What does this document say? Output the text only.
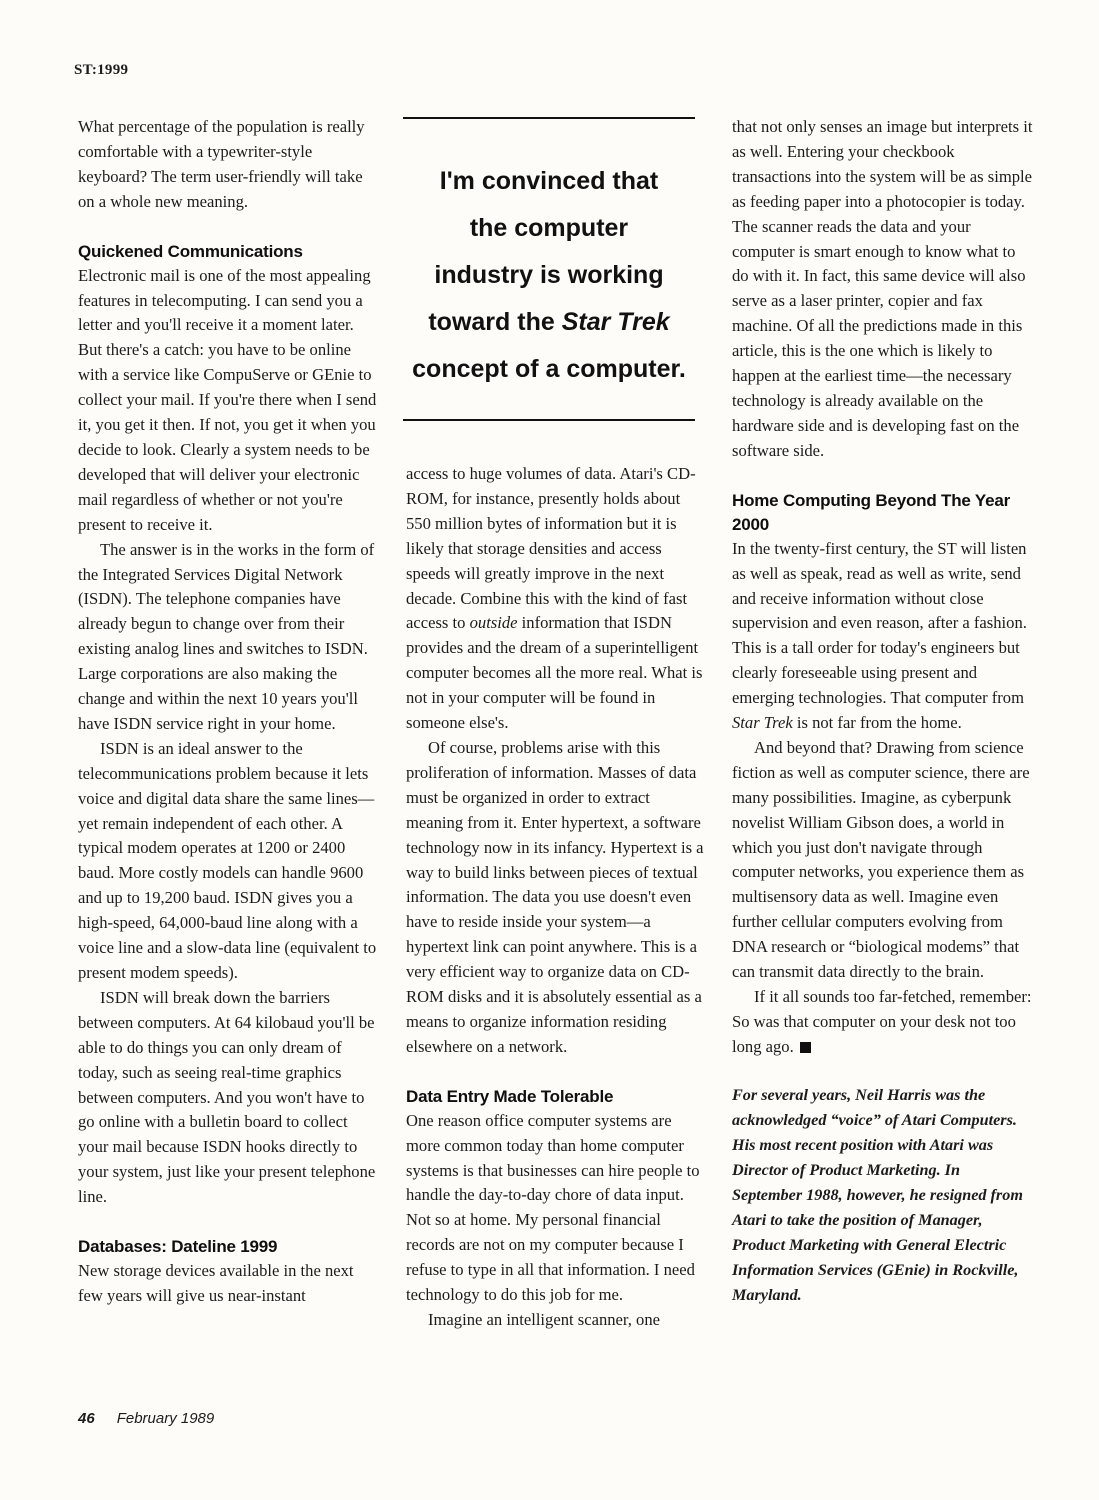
ST:1999

What percentage of the population is really comfortable with a typewriter-style keyboard? The term user-friendly will take on a whole new meaning.

Quickened Communications

Electronic mail is one of the most appealing features in telecomputing. I can send you a letter and you'll receive it a moment later. But there's a catch: you have to be online with a service like CompuServe or GEnie to collect your mail. If you're there when I send it, you get it then. If not, you get it when you decide to look. Clearly a system needs to be developed that will deliver your electronic mail regardless of whether or not you're present to receive it.

The answer is in the works in the form of the Integrated Services Digital Network (ISDN). The telephone companies have already begun to change over from their existing analog lines and switches to ISDN. Large corporations are also making the change and within the next 10 years you'll have ISDN service right in your home.

ISDN is an ideal answer to the telecommunications problem because it lets voice and digital data share the same lines—yet remain independent of each other. A typical modem operates at 1200 or 2400 baud. More costly models can handle 9600 and up to 19,200 baud. ISDN gives you a high-speed, 64,000-baud line along with a voice line and a slow-data line (equivalent to present modem speeds).

ISDN will break down the barriers between computers. At 64 kilobaud you'll be able to do things you can only dream of today, such as seeing real-time graphics between computers. And you won't have to go online with a bulletin board to collect your mail because ISDN hooks directly to your system, just like your present telephone line.

Databases: Dateline 1999

New storage devices available in the next few years will give us near-instant

I'm convinced that
the computer
industry is working
toward the Star Trek
concept of a computer.

access to huge volumes of data. Atari's CD-ROM, for instance, presently holds about 550 million bytes of information but it is likely that storage densities and access speeds will greatly improve in the next decade. Combine this with the kind of fast access to outside information that ISDN provides and the dream of a superintelligent computer becomes all the more real. What is not in your computer will be found in someone else's.

Of course, problems arise with this proliferation of information. Masses of data must be organized in order to extract meaning from it. Enter hypertext, a software technology now in its infancy. Hypertext is a way to build links between pieces of textual information. The data you use doesn't even have to reside inside your system—a hypertext link can point anywhere. This is a very efficient way to organize data on CD-ROM disks and it is absolutely essential as a means to organize information residing elsewhere on a network.

Data Entry Made Tolerable

One reason office computer systems are more common today than home computer systems is that businesses can hire people to handle the day-to-day chore of data input. Not so at home. My personal financial records are not on my computer because I refuse to type in all that information. I need technology to do this job for me.

Imagine an intelligent scanner, one

that not only senses an image but interprets it as well. Entering your checkbook transactions into the system will be as simple as feeding paper into a photocopier is today. The scanner reads the data and your computer is smart enough to know what to do with it. In fact, this same device will also serve as a laser printer, copier and fax machine. Of all the predictions made in this article, this is the one which is likely to happen at the earliest time—the necessary technology is already available on the hardware side and is developing fast on the software side.

Home Computing Beyond The Year 2000

In the twenty-first century, the ST will listen as well as speak, read as well as write, send and receive information without close supervision and even reason, after a fashion. This is a tall order for today's engineers but clearly foreseeable using present and emerging technologies. That computer from Star Trek is not far from the home.

And beyond that? Drawing from science fiction as well as computer science, there are many possibilities. Imagine, as cyberpunk novelist William Gibson does, a world in which you just don't navigate through computer networks, you experience them as multisensory data as well. Imagine even further cellular computers evolving from DNA research or “biological modems” that can transmit data directly to the brain.

If it all sounds too far-fetched, remember: So was that computer on your desk not too long ago.

For several years, Neil Harris was the acknowledged “voice” of Atari Computers. His most recent position with Atari was Director of Product Marketing. In September 1988, however, he resigned from Atari to take the position of Manager, Product Marketing with General Electric Information Services (GEnie) in Rockville, Maryland.

46 February 1989
